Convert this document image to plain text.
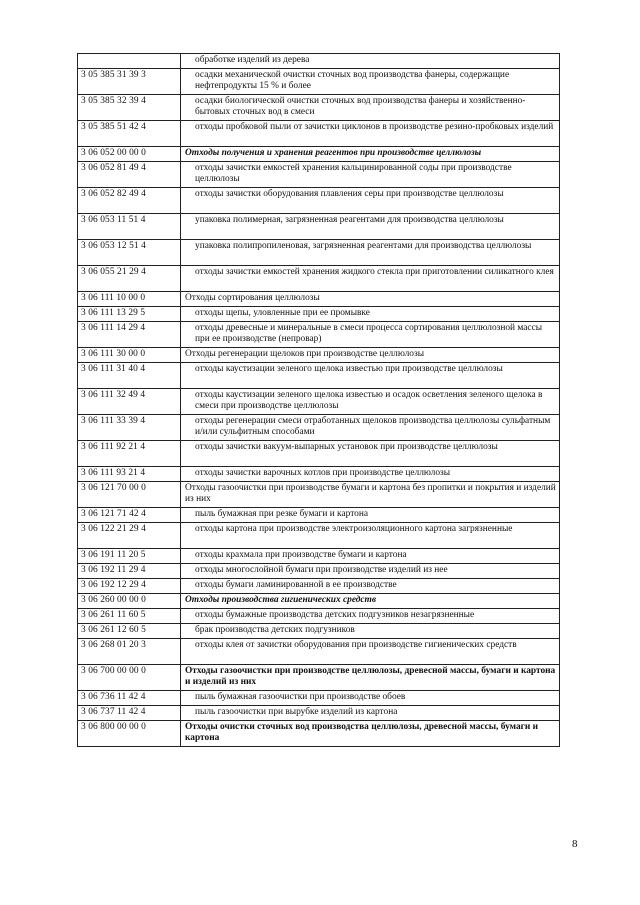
	обработке изделий из дерева
3 05 385 31 39 3	осадки механической очистки сточных вод производства фанеры, содержащие нефтепродукты 15 % и более
3 05 385 32 39 4	осадки биологической очистки сточных вод производства фанеры и хозяйственно-бытовых сточных вод в смеси
3 05 385 51 42 4	отходы пробковой пыли от зачистки циклонов в производстве резино-пробковых изделий
3 06 052 00 00 0	Отходы получения и хранения реагентов при производстве целлюлозы
3 06 052 81 49 4	отходы зачистки емкостей хранения кальцинированной соды при производстве целлюлозы
3 06 052 82 49 4	отходы зачистки оборудования плавления серы при производстве целлюлозы
3 06 053 11 51 4	упаковка полимерная, загрязненная реагентами для производства целлюлозы
3 06 053 12 51 4	упаковка полипропиленовая, загрязненная реагентами для производства целлюлозы
3 06 055 21 29 4	отходы зачистки емкостей хранения жидкого стекла при приготовлении силикатного клея
3 06 111 10 00 0	Отходы сортирования целлюлозы
3 06 111 13 29 5	отходы щепы, уловленные при ее промывке
3 06 111 14 29 4	отходы древесные и минеральные в смеси процесса сортирования целлюлозной массы при ее производстве (непровар)
3 06 111 30 00 0	Отходы регенерации щелоков при производстве целлюлозы
3 06 111 31 40 4	отходы каустизации зеленого щелока известью при производстве целлюлозы
3 06 111 32 49 4	отходы каустизации зеленого щелока известью и осадок осветления зеленого щелока в смеси при производстве целлюлозы
3 06 111 33 39 4	отходы регенерации смеси отработанных щелоков производства целлюлозы сульфатным и/или сульфитным способами
3 06 111 92 21 4	отходы зачистки вакуум-выпарных установок при производстве целлюлозы
3 06 111 93 21 4	отходы зачистки варочных котлов при производстве целлюлозы
3 06 121 70 00 0	Отходы газоочистки при производстве бумаги и картона без пропитки и покрытия и изделий из них
3 06 121 71 42 4	пыль бумажная при резке бумаги и картона
3 06 122 21 29 4	отходы картона при производстве электроизоляционного картона загрязненные
3 06 191 11 20 5	отходы крахмала при производстве бумаги и картона
3 06 192 11 29 4	отходы многослойной бумаги при производстве изделий из нее
3 06 192 12 29 4	отходы бумаги ламинированной в ее производстве
3 06 260 00 00 0	Отходы производства гигиенических средств
3 06 261 11 60 5	отходы бумажные производства детских подгузников незагрязненные
3 06 261 12 60 5	брак производства детских подгузников
3 06 268 01 20 3	отходы клея от зачистки оборудования при производстве гигиенических средств
3 06 700 00 00 0	Отходы газоочистки при производстве целлюлозы, древесной массы, бумаги и картона и изделий из них
3 06 736 11 42 4	пыль бумажная газоочистки при производстве обоев
3 06 737 11 42 4	пыль газоочистки при вырубке изделий из картона
3 06 800 00 00 0	Отходы очистки сточных вод производства целлюлозы, древесной массы, бумаги и картона
8
